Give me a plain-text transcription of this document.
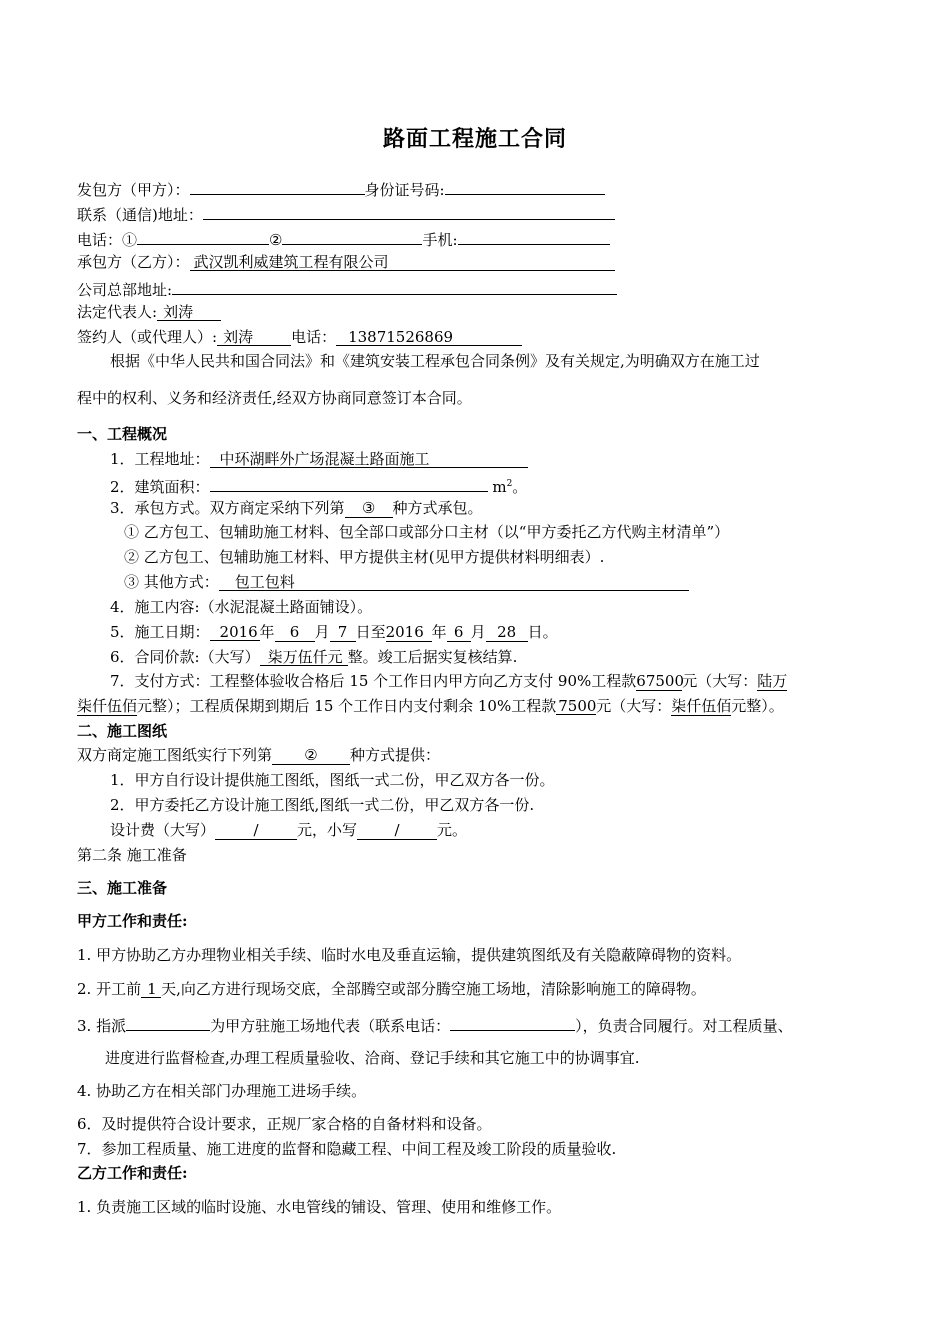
路面工程施工合同
发包方（甲方）：	身份证号码:
联系（通信)地址：
电话：①	②	手机:
承包方（乙方）： 武汉凯利威建筑工程有限公司
公司总部地址:
法定代表人: 刘涛
签约人（或代理人）: 刘涛	电话： 13871526869
根据《中华人民共和国合同法》和《建筑安装工程承包合同条例》及有关规定,为明确双方在施工过
程中的权利、义务和经济责任,经双方协商同意签订本合同。
一、工程概况
1．工程地址： 中环湖畔外广场混凝土路面施工
2．建筑面积：	$m^2$。
3．承包方式。双方商定采纳下列第 ③ 种方式承包。
① 乙方包工、包辅助施工材料、包全部口或部分口主材（以“甲方委托乙方代购主材清单”）
② 乙方包工、包辅助施工材料、甲方提供主材(见甲方提供材料明细表）.
③ 其他方式： 包工包料
4．施工内容:（水泥混凝土路面铺设）。
5．施工日期： 2016 年 6 月 7 日至2016 年 6 月 28 日。
6．合同价款:（大写） 柒万伍仟元 整。竣工后据实复核结算.
7．支付方式：工程整体验收合格后 15 个工作日内甲方向乙方支付 90%工程款67500元（大写：陆万
柒仟伍佰元整）；工程质保期到期后 15 个工作日内支付剩余 10%工程款 7500元（大写：柒仟伍佰元整）。
二、施工图纸
双方商定施工图纸实行下列第 ② 种方式提供：
1．甲方自行设计提供施工图纸，图纸一式二份，甲乙双方各一份。
2．甲方委托乙方设计施工图纸,图纸一式二份，甲乙双方各一份.
设计费（大写）	/	元，小写 / 元。
第二条 施工准备
三、施工准备
甲方工作和责任:
1. 甲方协助乙方办理物业相关手续、临时水电及垂直运输，提供建筑图纸及有关隐蔽障碍物的资料。
2. 开工前 1 天,向乙方进行现场交底，全部腾空或部分腾空施工场地，清除影响施工的障碍物。
3. 指派	为甲方驻施工场地代表（联系电话：	），负责合同履行。对工程质量、
进度进行监督检查,办理工程质量验收、洽商、登记手续和其它施工中的协调事宜.
4. 协助乙方在相关部门办理施工进场手续。
6．及时提供符合设计要求，正规厂家合格的自备材料和设备。
7．参加工程质量、施工进度的监督和隐藏工程、中间工程及竣工阶段的质量验收.
乙方工作和责任:
1. 负责施工区域的临时设施、水电管线的铺设、管理、使用和维修工作。
